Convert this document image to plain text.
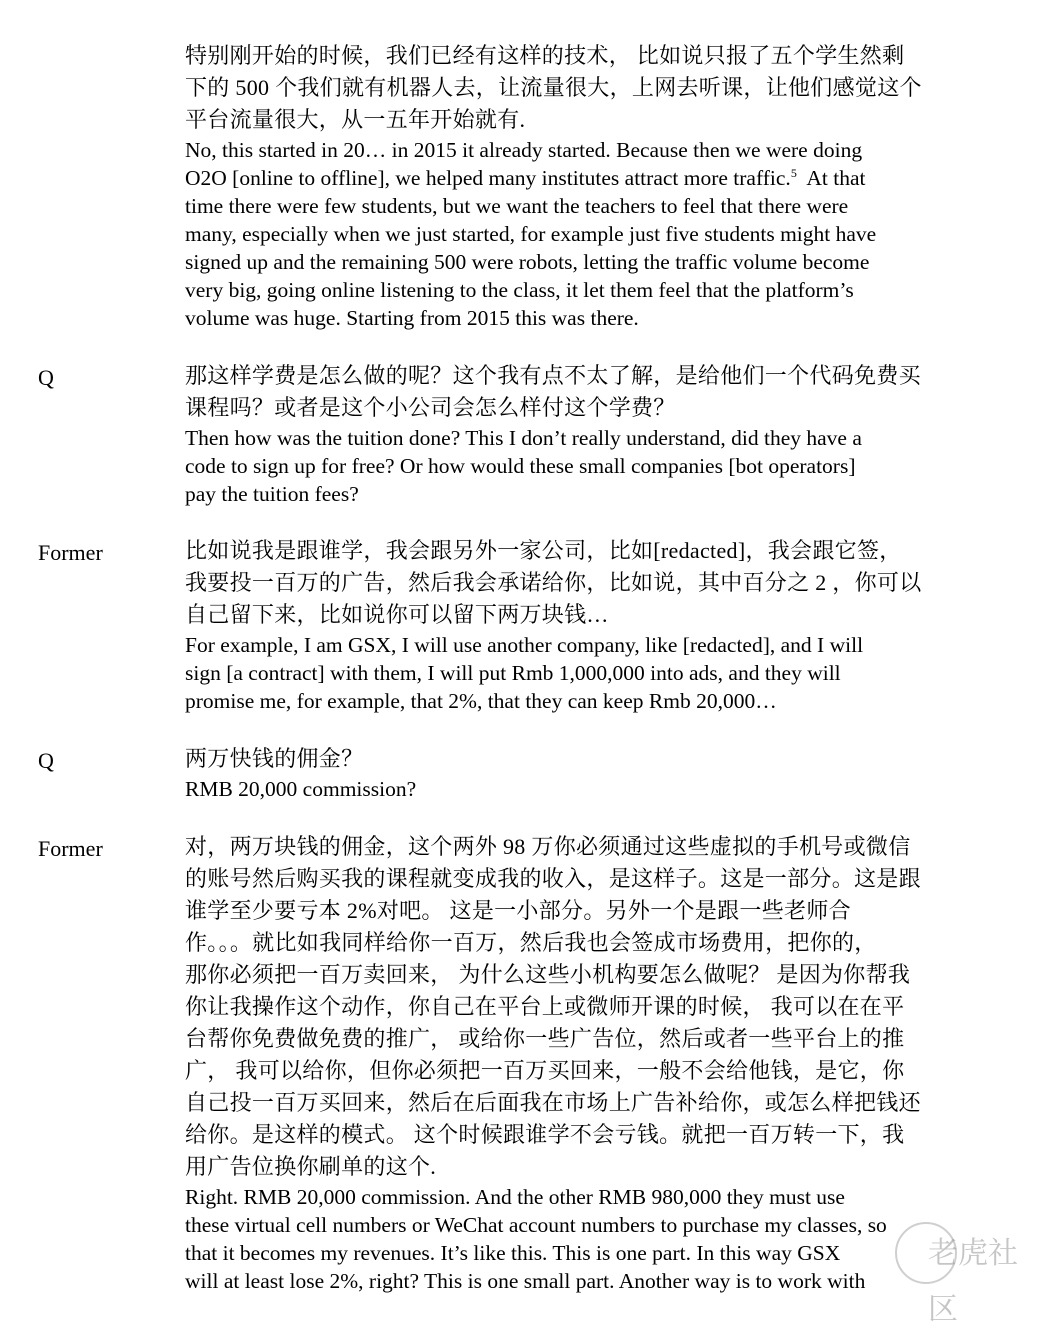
特别刚开始的时候，我们已经有这样的技术， 比如说只报了五个学生然剩
下的 500 个我们就有机器人去，让流量很大，上网去听课，让他们感觉这个
平台流量很大，从一五年开始就有.
No, this started in 20… in 2015 it already started. Because then we were doing
O2O [online to offline], we helped many institutes attract more traffic.$^5$  At that
time there were few students, but we want the teachers to feel that there were
many, especially when we just started, for example just five students might have
signed up and the remaining 500 were robots, letting the traffic volume become
very big, going online listening to the class, it let them feel that the platform’s
volume was huge. Starting from 2015 this was there.
Q	那这样学费是怎么做的呢？这个我有点不太了解，是给他们一个代码免费买
课程吗？或者是这个小公司会怎么样付这个学费？
Then how was the tuition done? This I don’t really understand, did they have a
code to sign up for free? Or how would these small companies [bot operators]
pay the tuition fees?
Former	比如说我是跟谁学，我会跟另外一家公司，比如[redacted]，我会跟它签，
我要投一百万的广告，然后我会承诺给你，比如说，其中百分之 2 ，你可以
自己留下来，比如说你可以留下两万块钱…
For example, I am GSX, I will use another company, like [redacted], and I will
sign [a contract] with them, I will put Rmb 1,000,000 into ads, and they will
promise me, for example, that 2%, that they can keep Rmb 20,000…
Q	两万快钱的佣金？
RMB 20,000 commission?
Former	对，两万块钱的佣金，这个两外 98 万你必须通过这些虚拟的手机号或微信
的账号然后购买我的课程就变成我的收入，是这样子。这是一部分。这是跟
谁学至少要亏本 2%对吧。 这是一小部分。另外一个是跟一些老师合
作。。。就比如我同样给你一百万，然后我也会签成市场费用，把你的，
那你必须把一百万卖回来， 为什么这些小机构要怎么做呢？ 是因为你帮我
你让我操作这个动作，你自己在平台上或微师开课的时候， 我可以在在平
台帮你免费做免费的推广， 或给你一些广告位，然后或者一些平台上的推
广， 我可以给你，但你必须把一百万买回来，一般不会给他钱，是它，你
自己投一百万买回来，然后在后面我在市场上广告补给你，或怎么样把钱还
给你。是这样的模式。 这个时候跟谁学不会亏钱。就把一百万转一下，我
用广告位换你刷单的这个.
Right. RMB 20,000 commission. And the other RMB 980,000 they must use
these virtual cell numbers or WeChat account numbers to purchase my classes, so
that it becomes my revenues. It’s like this. This is one part. In this way GSX
will at least lose 2%, right? This is one small part. Another way is to work with
老虎社区
